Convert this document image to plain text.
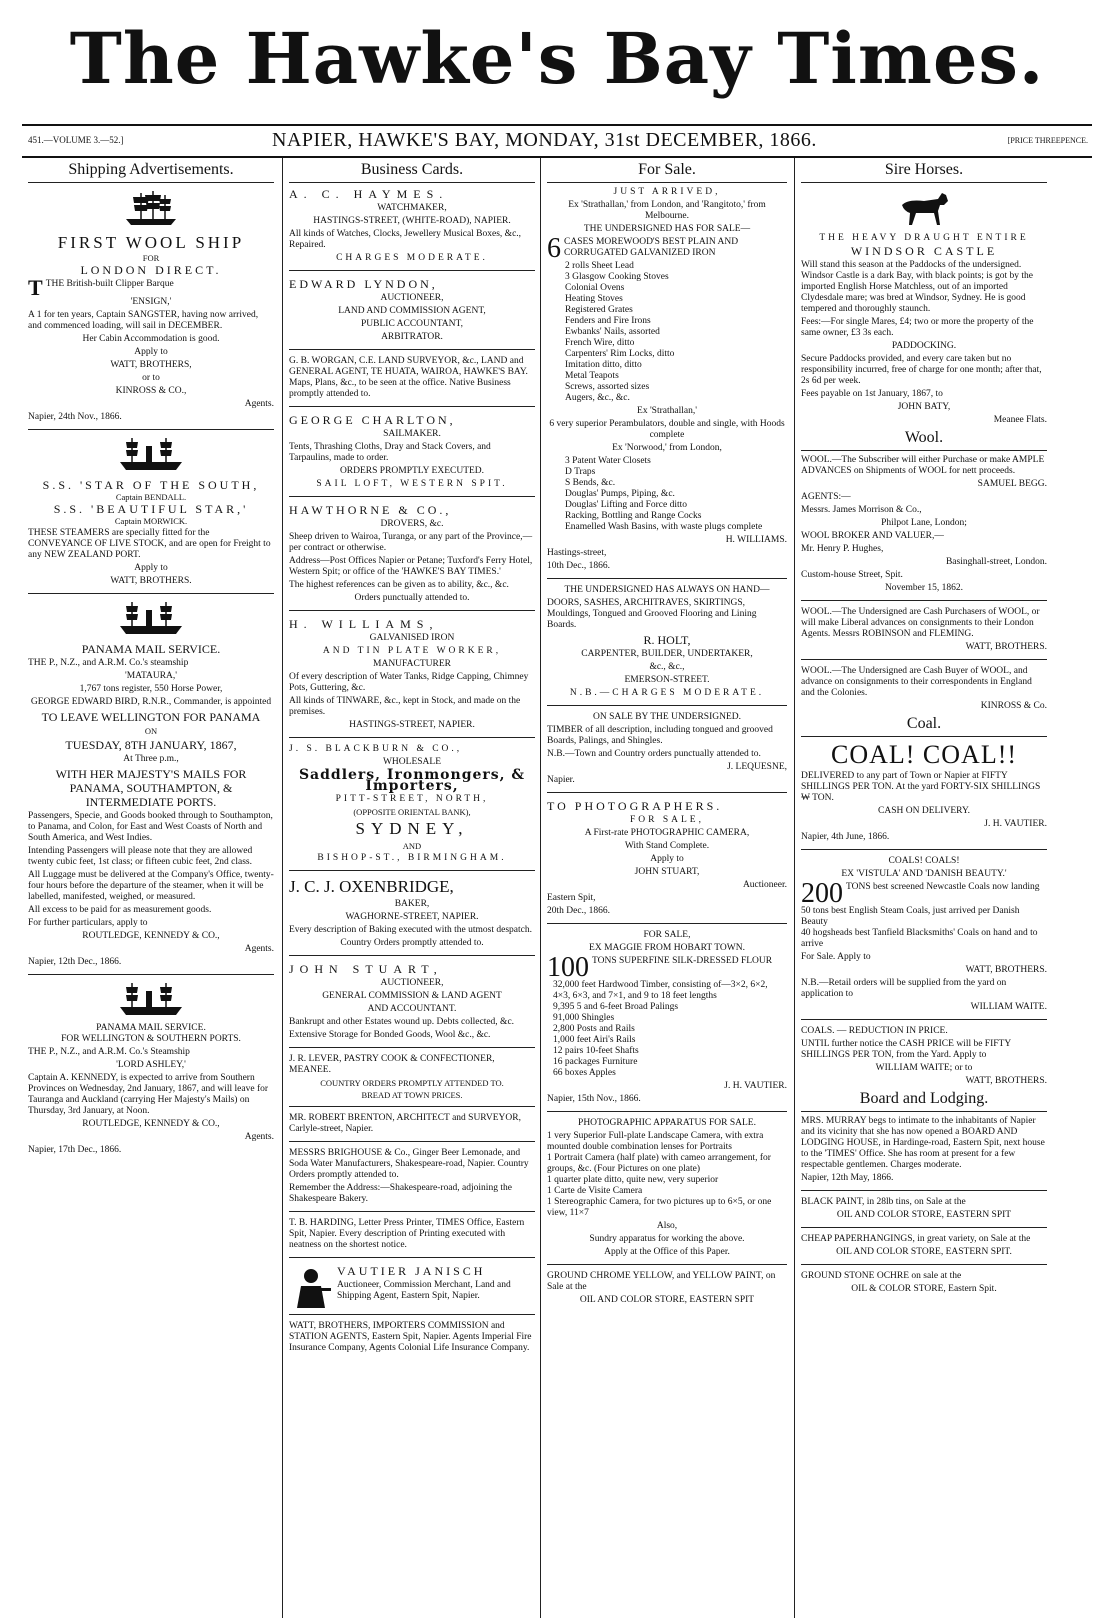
The Hawke's Bay Times.
451.—VOLUME 3.—52.]	NAPIER, HAWKE'S BAY, MONDAY, 31st DECEMBER, 1866.	[PRICE THREEPENCE.
Shipping Advertisements.
FIRST WOOL SHIP
FOR
LONDON DIRECT.

TTHE British-built Clipper Barque

'ENSIGN,'

A 1 for ten years, Captain SANGSTER, having now arrived, and commenced loading, will sail in DECEMBER.

Her Cabin Accommodation is good.

Apply to

WATT, BROTHERS,

or to

KINROSS & CO.,

Agents.

Napier, 24th Nov., 1866.

S.S. 'STAR OF THE SOUTH,
Captain BENDALL.
S.S. 'BEAUTIFUL STAR,'
Captain MORWICK.

THESE STEAMERS are specially fitted for the CONVEYANCE OF LIVE STOCK, and are open for Freight to any NEW ZEALAND PORT.

Apply to

WATT, BROTHERS.

PANAMA MAIL SERVICE.

THE P., N.Z., and A.R.M. Co.'s steamship

'MATAURA,'

1,767 tons register, 550 Horse Power,

GEORGE EDWARD BIRD, R.N.R., Commander, is appointed

TO LEAVE WELLINGTON FOR PANAMA

ON

TUESDAY, 8TH JANUARY, 1867,

At Three p.m.,

WITH HER MAJESTY'S MAILS FOR PANAMA, SOUTHAMPTON, & INTERMEDIATE PORTS.

Passengers, Specie, and Goods booked through to Southampton, to Panama, and Colon, for East and West Coasts of North and South America, and West Indies.

Intending Passengers will please note that they are allowed twenty cubic feet, 1st class; or fifteen cubic feet, 2nd class.

All Luggage must be delivered at the Company's Office, twenty-four hours before the departure of the steamer, when it will be labelled, manifested, weighed, or measured.

All excess to be paid for as measurement goods.

For further particulars, apply to

ROUTLEDGE, KENNEDY & CO.,

Agents.

Napier, 12th Dec., 1866.

PANAMA MAIL SERVICE.
FOR WELLINGTON & SOUTHERN PORTS.

THE P., N.Z., and A.R.M. Co.'s Steamship

'LORD ASHLEY,'

Captain A. KENNEDY, is expected to arrive from Southern Provinces on Wednesday, 2nd January, 1867, and will leave for Tauranga and Auckland (carrying Her Majesty's Mails) on Thursday, 3rd January, at Noon.

ROUTLEDGE, KENNEDY & CO.,

Agents.

Napier, 17th Dec., 1866.

Business Cards.
A. C. HAYMES.

WATCHMAKER,

HASTINGS-STREET, (WHITE-ROAD), NAPIER.

All kinds of Watches, Clocks, Jewellery Musical Boxes, &c., Repaired.

CHARGES MODERATE.

EDWARD LYNDON,

AUCTIONEER,

LAND AND COMMISSION AGENT,

PUBLIC ACCOUNTANT,

ARBITRATOR.

G. B. WORGAN, C.E. LAND SURVEYOR, &c., LAND and GENERAL AGENT, TE HUATA, WAIROA, HAWKE'S BAY. Maps, Plans, &c., to be seen at the office. Native Business promptly attended to.

GEORGE CHARLTON,

SAILMAKER.

Tents, Thrashing Cloths, Dray and Stack Covers, and Tarpaulins, made to order.

ORDERS PROMPTLY EXECUTED.

SAIL LOFT, WESTERN SPIT.

HAWTHORNE & CO.,

DROVERS, &c.

Sheep driven to Wairoa, Turanga, or any part of the Province,—per contract or otherwise.

Address—Post Offices Napier or Petane; Tuxford's Ferry Hotel, Western Spit; or office of the 'HAWKE'S BAY TIMES.'

The highest references can be given as to ability, &c., &c.

Orders punctually attended to.

H. WILLIAMS,

GALVANISED IRON

AND TIN PLATE WORKER,

MANUFACTURER

Of every description of Water Tanks, Ridge Capping, Chimney Pots, Guttering, &c.

All kinds of TINWARE, &c., kept in Stock, and made on the premises.

HASTINGS-STREET, NAPIER.

J. S. BLACKBURN & CO.,

WHOLESALE

Saddlers, Ironmongers, & Importers,

PITT-STREET, NORTH,

(OPPOSITE ORIENTAL BANK),

SYDNEY,

AND

BISHOP-ST., BIRMINGHAM.

J. C. J. OXENBRIDGE,

BAKER,

WAGHORNE-STREET, NAPIER.

Every description of Baking executed with the utmost despatch.

Country Orders promptly attended to.

JOHN STUART,

AUCTIONEER,

GENERAL COMMISSION & LAND AGENT

AND ACCOUNTANT.

Bankrupt and other Estates wound up. Debts collected, &c.

Extensive Storage for Bonded Goods, Wool &c., &c.

J. R. LEVER, PASTRY COOK & CONFECTIONER, MEANEE.

COUNTRY ORDERS PROMPTLY ATTENDED TO.

BREAD AT TOWN PRICES.

MR. ROBERT BRENTON, ARCHITECT and SURVEYOR, Carlyle-street, Napier.

MESSRS BRIGHOUSE & Co., Ginger Beer Lemonade, and Soda Water Manufacturers, Shakespeare-road, Napier. Country Orders promptly attended to.

Remember the Address:—Shakespeare-road, adjoining the Shakespeare Bakery.

T. B. HARDING, Letter Press Printer, TIMES Office, Eastern Spit, Napier. Every description of Printing executed with neatness on the shortest notice.

VAUTIER JANISCH

Auctioneer, Commission Merchant, Land and Shipping Agent, Eastern Spit, Napier.

WATT, BROTHERS, IMPORTERS COMMISSION and STATION AGENTS, Eastern Spit, Napier. Agents Imperial Fire Insurance Company, Agents Colonial Life Insurance Company.

For Sale.
JUST ARRIVED,

Ex 'Strathallan,' from London, and 'Rangitoto,' from Melbourne.

THE UNDERSIGNED HAS FOR SALE—

6 CASES MOREWOOD'S BEST PLAIN AND CORRUGATED GALVANIZED IRON

2 rolls Sheet Lead
3 Glasgow Cooking Stoves
Colonial Ovens
Heating Stoves
Registered Grates
Fenders and Fire Irons
Ewbanks' Nails, assorted
French Wire, ditto
Carpenters' Rim Locks, ditto
Imitation ditto, ditto
Metal Teapots
Screws, assorted sizes
Augers, &c., &c.

Ex 'Strathallan,'

6 very superior Perambulators, double and single, with Hoods complete

Ex 'Norwood,' from London,

3 Patent Water Closets
D Traps
S Bends, &c.
Douglas' Pumps, Piping, &c.
Douglas' Lifting and Force ditto
Racking, Bottling and Range Cocks
Enamelled Wash Basins, with waste plugs complete

H. WILLIAMS.

Hastings-street,

10th Dec., 1866.

THE UNDERSIGNED HAS ALWAYS ON HAND—

DOORS, SASHES, ARCHITRAVES, SKIRTINGS, Mouldings, Tongued and Grooved Flooring and Lining Boards.

R. HOLT,

CARPENTER, BUILDER, UNDERTAKER,

&c., &c.,

EMERSON-STREET.

N.B.—CHARGES MODERATE.

ON SALE BY THE UNDERSIGNED.

TIMBER of all description, including tongued and grooved Boards, Palings, and Shingles.

N.B.—Town and Country orders punctually attended to.

J. LEQUESNE,

Napier.

TO PHOTOGRAPHERS.

FOR SALE,

A First-rate PHOTOGRAPHIC CAMERA,

With Stand Complete.

Apply to

JOHN STUART,

Auctioneer.

Eastern Spit,

20th Dec., 1866.

FOR SALE,

EX MAGGIE FROM HOBART TOWN.

100 TONS SUPERFINE SILK-DRESSED FLOUR

32,000 feet Hardwood Timber, consisting of—3×2, 6×2, 4×3, 6×3, and 7×1, and 9 to 18 feet lengths
9,395 5 and 6-feet Broad Palings
91,000 Shingles
2,800 Posts and Rails
1,000 feet Airi's Rails
12 pairs 10-feet Shafts
16 packages Furniture
66 boxes Apples

J. H. VAUTIER.

Napier, 15th Nov., 1866.

PHOTOGRAPHIC APPARATUS FOR SALE.

1 very Superior Full-plate Landscape Camera, with extra mounted double combination lenses for Portraits
1 Portrait Camera (half plate) with cameo arrangement, for groups, &c. (Four Pictures on one plate)
1 quarter plate ditto, quite new, very superior
1 Carte de Visite Camera
1 Stereographic Camera, for two pictures up to 6×5, or one view, 11×7

Also,

Sundry apparatus for working the above.

Apply at the Office of this Paper.

GROUND CHROME YELLOW, and YELLOW PAINT, on Sale at the

OIL AND COLOR STORE, EASTERN SPIT

Sire Horses.
THE HEAVY DRAUGHT ENTIRE
WINDSOR CASTLE

Will stand this season at the Paddocks of the undersigned. Windsor Castle is a dark Bay, with black points; is got by the imported English Horse Matchless, out of an imported Clydesdale mare; was bred at Windsor, Sydney. He is good tempered and thoroughly staunch.

Fees:—For single Mares, £4; two or more the property of the same owner, £3 3s each.

PADDOCKING.

Secure Paddocks provided, and every care taken but no responsibility incurred, free of charge for one month; after that, 2s 6d per week.

Fees payable on 1st January, 1867, to

JOHN BATY,

Meanee Flats.

Wool.

WOOL.—The Subscriber will either Purchase or make AMPLE ADVANCES on Shipments of WOOL for nett proceeds.

SAMUEL BEGG.

AGENTS:—

Messrs. James Morrison & Co.,

Philpot Lane, London;

WOOL BROKER AND VALUER,—

Mr. Henry P. Hughes,

Basinghall-street, London.

Custom-house Street, Spit.

November 15, 1862.

WOOL.—The Undersigned are Cash Purchasers of WOOL, or will make Liberal advances on consignments to their London Agents. Messrs ROBINSON and FLEMING.

WATT, BROTHERS.

WOOL.—The Undersigned are Cash Buyer of WOOL, and advance on consignments to their correspondents in England and the Colonies.

KINROSS & Co.

Coal.
COAL! COAL!!

DELIVERED to any part of Town or Napier at FIFTY SHILLINGS PER TON. At the yard FORTY-SIX SHILLINGS ₩ TON.

CASH ON DELIVERY.

J. H. VAUTIER.

Napier, 4th June, 1866.

COALS! COALS!

EX 'VISTULA' AND 'DANISH BEAUTY.'

200 TONS best screened Newcastle Coals now landing

50 tons best English Steam Coals, just arrived per Danish Beauty
40 hogsheads best Tanfield Blacksmiths' Coals on hand and to arrive

For Sale. Apply to

WATT, BROTHERS.

N.B.—Retail orders will be supplied from the yard on application to

WILLIAM WAITE.

COALS. — REDUCTION IN PRICE.

UNTIL further notice the CASH PRICE will be FIFTY SHILLINGS PER TON, from the Yard. Apply to

WILLIAM WAITE; or to

WATT, BROTHERS.

Board and Lodging.

MRS. MURRAY begs to intimate to the inhabitants of Napier and its vicinity that she has now opened a BOARD AND LODGING HOUSE, in Hardinge-road, Eastern Spit, next house to the 'TIMES' Office. She has room at present for a few respectable gentlemen. Charges moderate.

Napier, 12th May, 1866.

BLACK PAINT, in 28lb tins, on Sale at the

OIL AND COLOR STORE, EASTERN SPIT

CHEAP PAPERHANGINGS, in great variety, on Sale at the

OIL AND COLOR STORE, EASTERN SPIT.

GROUND STONE OCHRE on sale at the

OIL & COLOR STORE, Eastern Spit.
